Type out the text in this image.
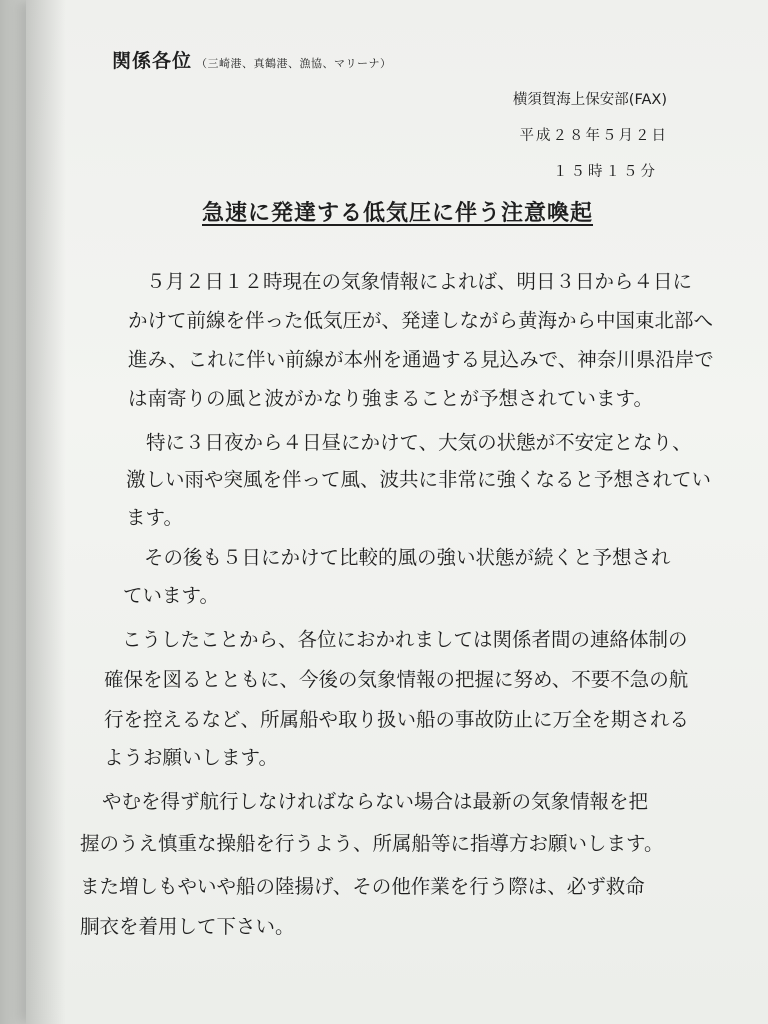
関係各位 （三崎港、真鶴港、漁協、マリーナ）
横須賀海上保安部(FAX)
平成２８年５月２日
１５時１５分
急速に発達する低気圧に伴う注意喚起
５月２日１２時現在の気象情報によれば、明日３日から４日に
かけて前線を伴った低気圧が、発達しながら黄海から中国東北部へ
進み、これに伴い前線が本州を通過する見込みで、神奈川県沿岸で
は南寄りの風と波がかなり強まることが予想されています。
特に３日夜から４日昼にかけて、大気の状態が不安定となり、
激しい雨や突風を伴って風、波共に非常に強くなると予想されてい
ます。
その後も５日にかけて比較的風の強い状態が続くと予想され
ています。
こうしたことから、各位におかれましては関係者間の連絡体制の
確保を図るとともに、今後の気象情報の把握に努め、不要不急の航
行を控えるなど、所属船や取り扱い船の事故防止に万全を期される
ようお願いします。
やむを得ず航行しなければならない場合は最新の気象情報を把
握のうえ慎重な操船を行うよう、所属船等に指導方お願いします。
また増しもやいや船の陸揚げ、その他作業を行う際は、必ず救命
胴衣を着用して下さい。
